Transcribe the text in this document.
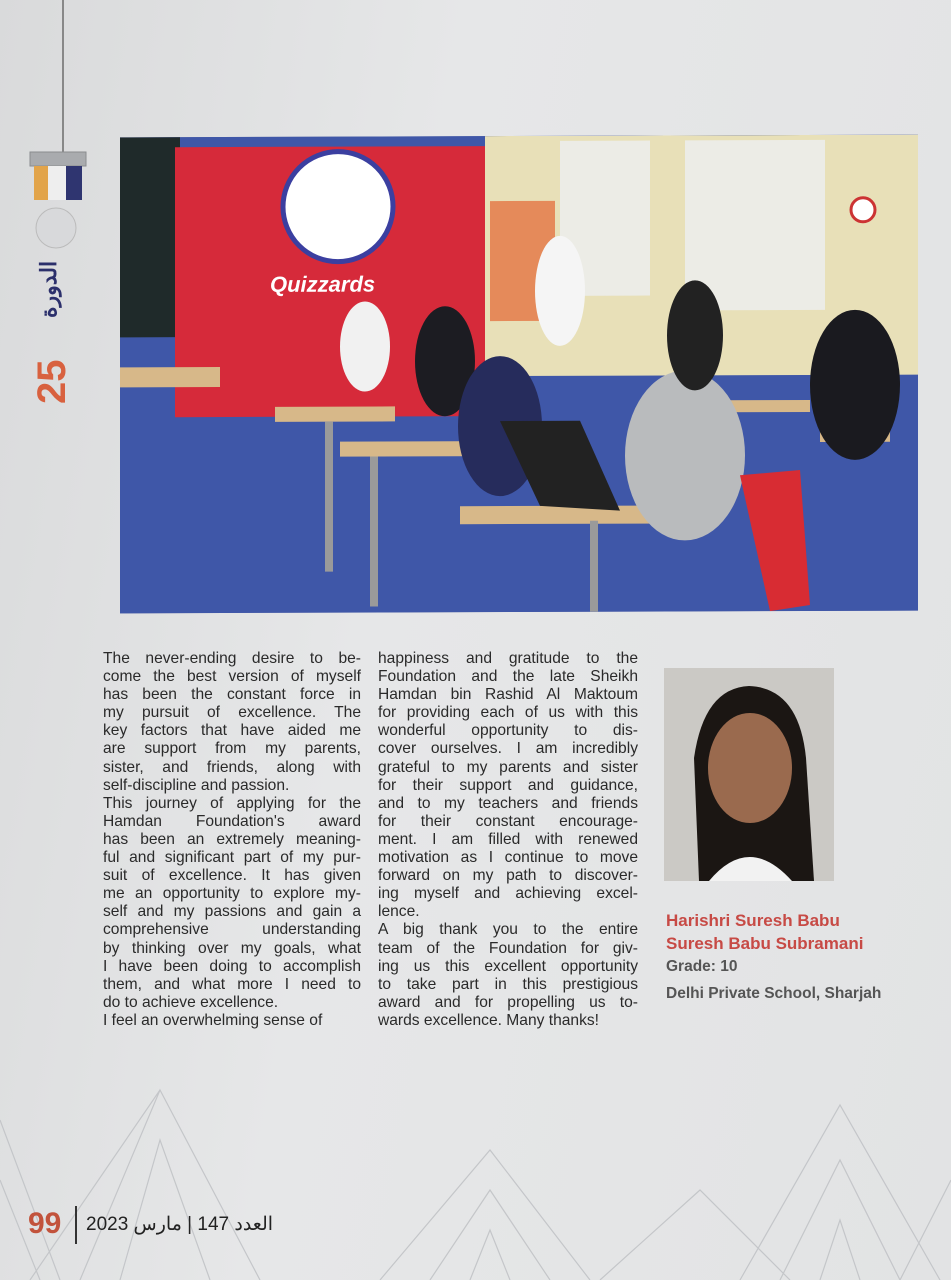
الدورة
25
Quizzards
The never-ending desire to be-
come the best version of myself
has been the constant force in
my pursuit of excellence. The
key factors that have aided me
are support from my parents,
sister, and friends, along with
self-discipline and passion.
This journey of applying for the
Hamdan Foundation's award
has been an extremely meaning-
ful and significant part of my pur-
suit of excellence. It has given
me an opportunity to explore my-
self and my passions and gain a
comprehensive understanding
by thinking over my goals, what
I have been doing to accomplish
them, and what more I need to
do to achieve excellence.
I feel an overwhelming sense of
happiness and gratitude to the
Foundation and the late Sheikh
Hamdan bin Rashid Al Maktoum
for providing each of us with this
wonderful opportunity to dis-
cover ourselves. I am incredibly
grateful to my parents and sister
for their support and guidance,
and to my teachers and friends
for their constant encourage-
ment. I am filled with renewed
motivation as I continue to move
forward on my path to discover-
ing myself and achieving excel-
lence.
A big thank you to the entire
team of the Foundation for giv-
ing us this excellent opportunity
to take part in this prestigious
award and for propelling us to-
wards excellence. Many thanks!
Harishri Suresh Babu
Suresh Babu Subramani
Grade: 10
Delhi Private School, Sharjah
99 العدد 147 | مارس 2023
